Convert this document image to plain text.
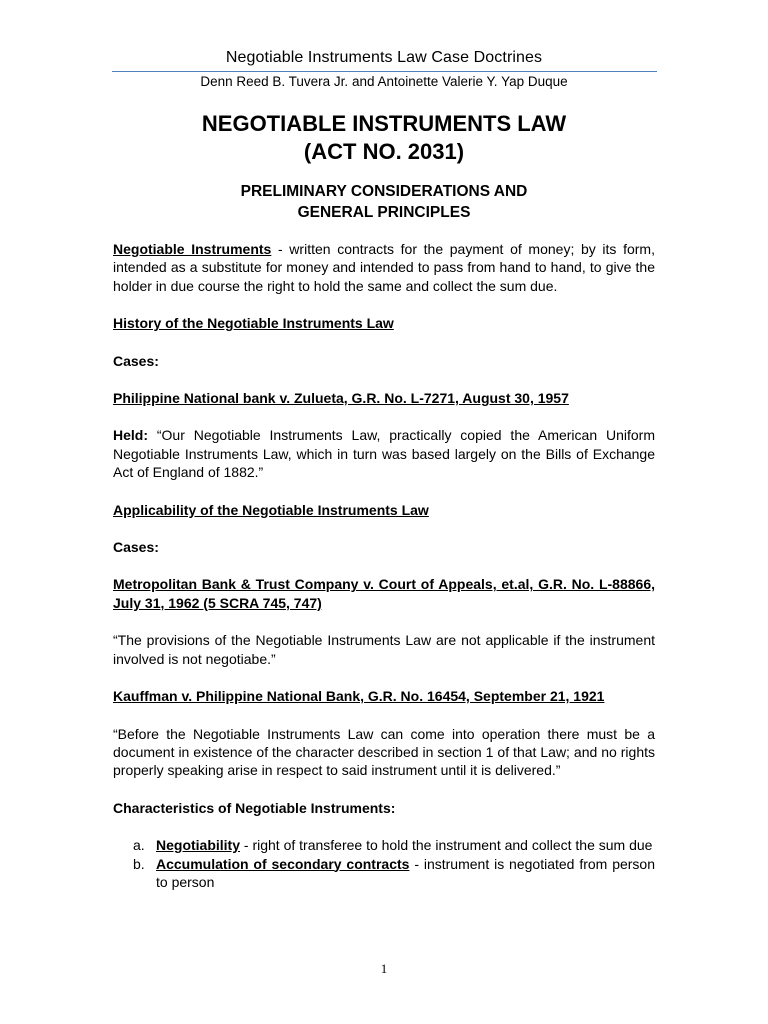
Negotiable Instruments Law Case Doctrines
Denn Reed B. Tuvera Jr. and Antoinette Valerie Y. Yap Duque
NEGOTIABLE INSTRUMENTS LAW
(ACT NO. 2031)
PRELIMINARY CONSIDERATIONS AND
GENERAL PRINCIPLES

Negotiable Instruments - written contracts for the payment of money; by its form, intended as a substitute for money and intended to pass from hand to hand, to give the holder in due course the right to hold the same and collect the sum due.

History of the Negotiable Instruments Law

Cases:

Philippine National bank v. Zulueta, G.R. No. L-7271, August 30, 1957

Held: “Our Negotiable Instruments Law, practically copied the American Uniform Negotiable Instruments Law, which in turn was based largely on the Bills of Exchange Act of England of 1882.”

Applicability of the Negotiable Instruments Law

Cases:

Metropolitan Bank & Trust Company v. Court of Appeals, et.al, G.R. No. L-88866, July 31, 1962 (5 SCRA 745, 747)

“The provisions of the Negotiable Instruments Law are not applicable if the instrument involved is not negotiabe.”

Kauffman v. Philippine National Bank, G.R. No. 16454, September 21, 1921

“Before the Negotiable Instruments Law can come into operation there must be a document in existence of the character described in section 1 of that Law; and no rights properly speaking arise in respect to said instrument until it is delivered.”

Characteristics of Negotiable Instruments:

a. Negotiability - right of transferee to hold the instrument and collect the sum due
b. Accumulation of secondary contracts - instrument is negotiated from person to person
1
